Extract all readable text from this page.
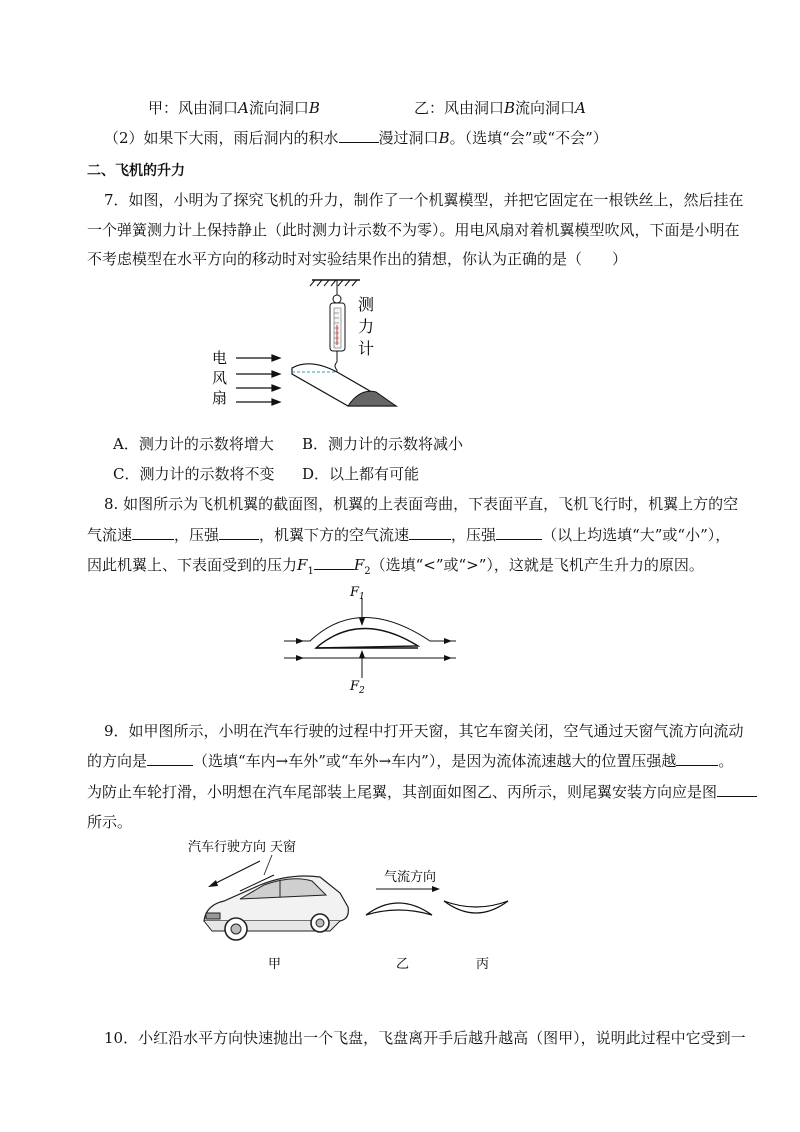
甲：风由洞口A流向洞口B	乙：风由洞口B流向洞口A
（2）如果下大雨，雨后洞内的积水	漫过洞口B。（选填“会”或“不会”）
二、飞机的升力
7．如图，小明为了探究飞机的升力，制作了一个机翼模型，并把它固定在一根铁丝上，然后挂在
一个弹簧测力计上保持静止（此时测力计示数不为零）。用电风扇对着机翼模型吹风，下面是小明在
不考虑模型在水平方向的移动时对实验结果作出的猜想，你认为正确的是（　　）
测
力
计
电
风
扇
A．测力计的示数将增大 B．测力计的示数将减小
C．测力计的示数将不变 D．以上都有可能
8. 如图所示为飞机机翼的截面图，机翼的上表面弯曲，下表面平直，飞机飞行时，机翼上方的空
气流速	，压强	，机翼下方的空气流速	，压强	（以上均选填“大”或“小”），
因此机翼上、下表面受到的压力$F_1$	$F_2$（选填“<”或“>”），这就是飞机产生升力的原因。
$F_1$
$F_2$
9．如甲图所示，小明在汽车行驶的过程中打开天窗，其它车窗关闭，空气通过天窗气流方向流动
的方向是	（选填“车内→车外”或“车外→车内”），是因为流体流速越大的位置压强越	。
为防止车轮打滑，小明想在汽车尾部装上尾翼，其剖面如图乙、丙所示，则尾翼安装方向应是图
所示。
汽车行驶方向 天窗
气流方向
甲	乙	丙
10．小红沿水平方向快速抛出一个飞盘，飞盘离开手后越升越高（图甲），说明此过程中它受到一
